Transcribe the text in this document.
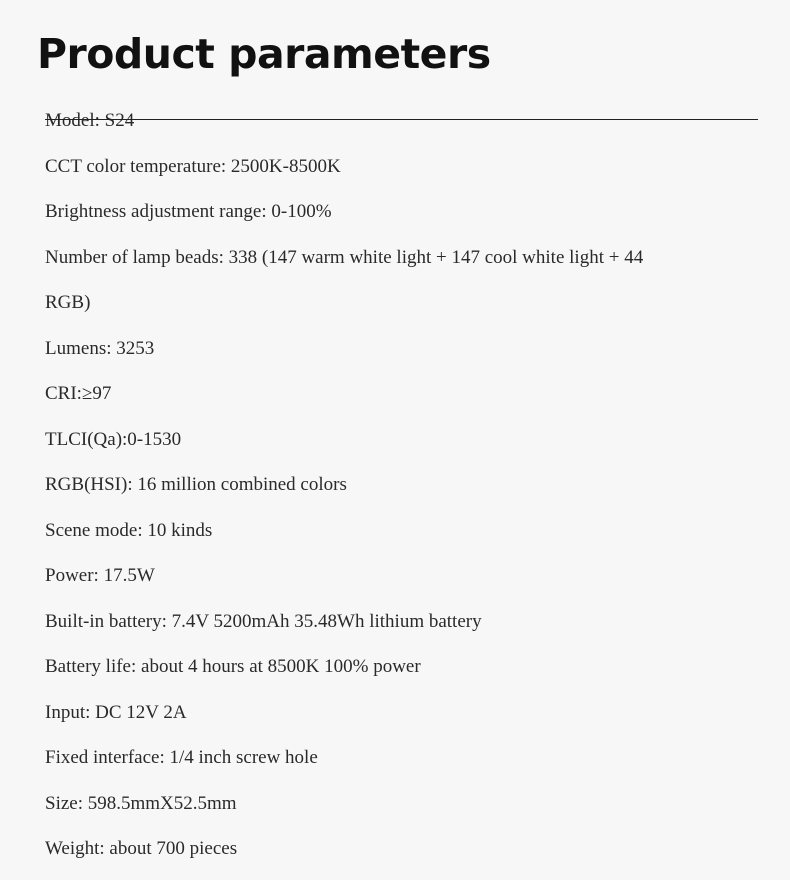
Product parameters
Model: S24
CCT color temperature: 2500K-8500K
Brightness adjustment range: 0-100%
Number of lamp beads: 338 (147 warm white light + 147 cool white light + 44
RGB)
Lumens: 3253
CRI:≥97
TLCI(Qa):0-1530
RGB(HSI): 16 million combined colors
Scene mode: 10 kinds
Power: 17.5W
Built-in battery: 7.4V 5200mAh 35.48Wh lithium battery
Battery life: about 4 hours at 8500K 100% power
Input: DC 12V 2A
Fixed interface: 1/4 inch screw hole
Size: 598.5mmX52.5mm
Weight: about 700 pieces
